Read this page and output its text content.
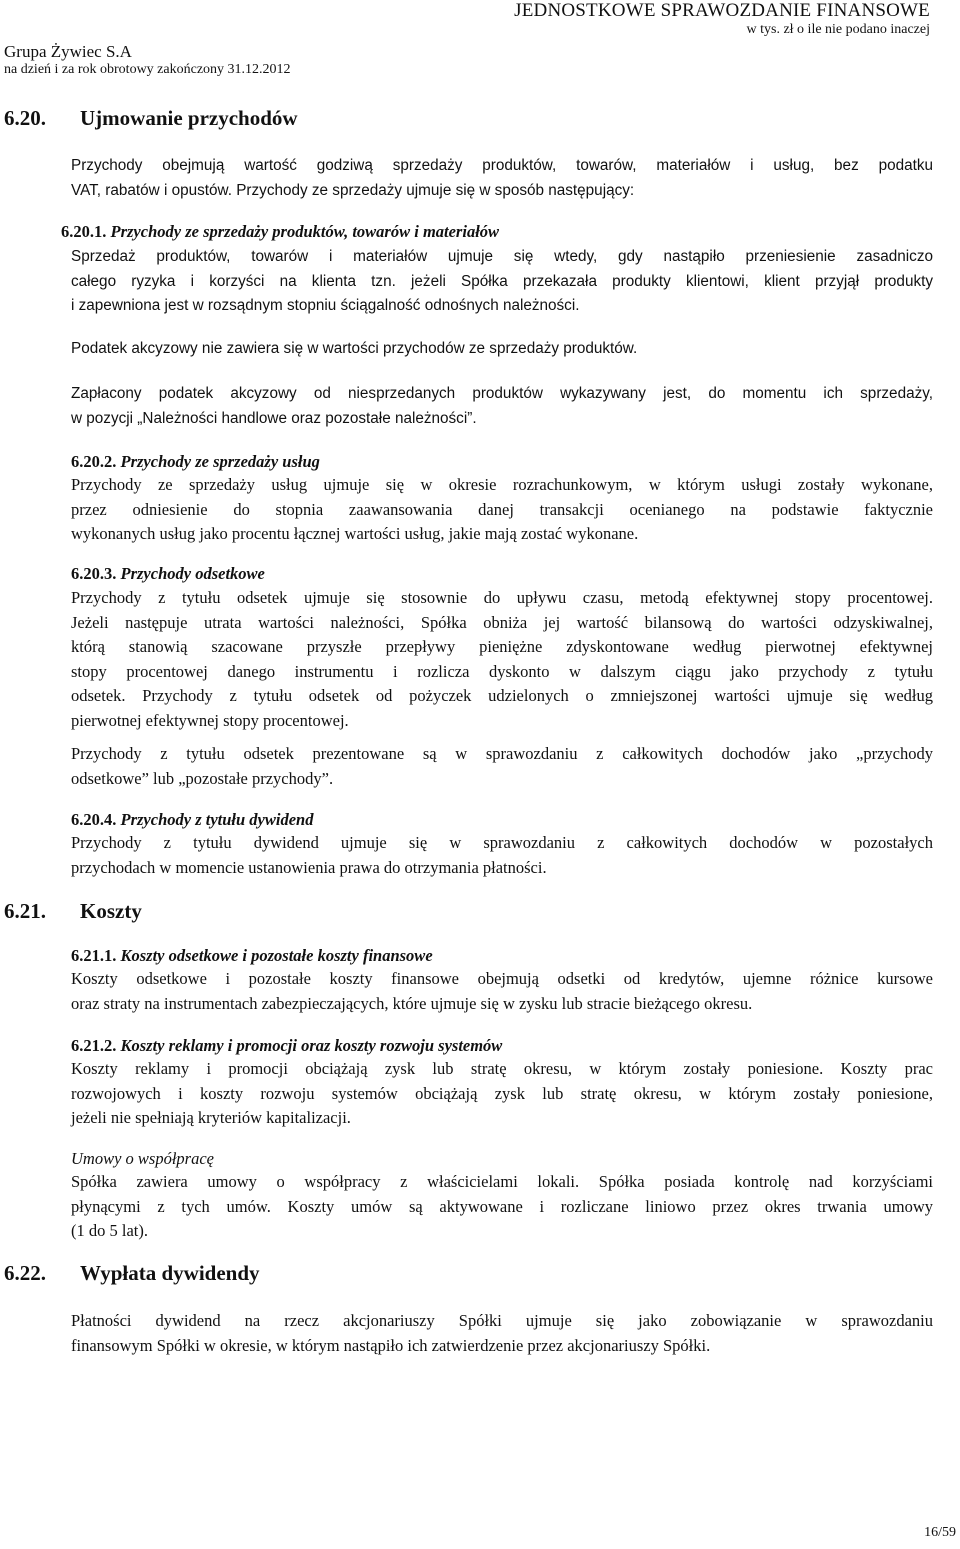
JEDNOSTKOWE SPRAWOZDANIE FINANSOWE
w tys. zł o ile nie podano inaczej
Grupa Żywiec S.A
na dzień i za rok obrotowy zakończony 31.12.2012
6.20. Ujmowanie przychodów
Przychody obejmują wartość godziwą sprzedaży produktów, towarów, materiałów i usług, bez podatku
VAT, rabatów i opustów. Przychody ze sprzedaży ujmuje się w sposób następujący:
6.20.1. Przychody ze sprzedaży produktów, towarów i materiałów
Sprzedaż produktów, towarów i materiałów ujmuje się wtedy, gdy nastąpiło przeniesienie zasadniczo
całego ryzyka i korzyści na klienta tzn. jeżeli Spółka przekazała produkty klientowi, klient przyjął produkty
i zapewniona jest w rozsądnym stopniu ściągalność odnośnych należności.
Podatek akcyzowy nie zawiera się w wartości przychodów ze sprzedaży produktów.
Zapłacony podatek akcyzowy od niesprzedanych produktów wykazywany jest, do momentu ich sprzedaży,
w pozycji „Należności handlowe oraz pozostałe należności”.
6.20.2. Przychody ze sprzedaży usług
Przychody ze sprzedaży usług ujmuje się w okresie rozrachunkowym, w którym usługi zostały wykonane,
przez odniesienie do stopnia zaawansowania danej transakcji ocenianego na podstawie faktycznie
wykonanych usług jako procentu łącznej wartości usług, jakie mają zostać wykonane.
6.20.3. Przychody odsetkowe
Przychody z tytułu odsetek ujmuje się stosownie do upływu czasu, metodą efektywnej stopy procentowej.
Jeżeli następuje utrata wartości należności, Spółka obniża jej wartość bilansową do wartości odzyskiwalnej,
którą stanowią szacowane przyszłe przepływy pieniężne zdyskontowane według pierwotnej efektywnej
stopy procentowej danego instrumentu i rozlicza dyskonto w dalszym ciągu jako przychody z tytułu
odsetek. Przychody z tytułu odsetek od pożyczek udzielonych o zmniejszonej wartości ujmuje się według
pierwotnej efektywnej stopy procentowej.
Przychody z tytułu odsetek prezentowane są w sprawozdaniu z całkowitych dochodów jako „przychody
odsetkowe” lub „pozostałe przychody”.
6.20.4. Przychody z tytułu dywidend
Przychody z tytułu dywidend ujmuje się w sprawozdaniu z całkowitych dochodów w pozostałych
przychodach w momencie ustanowienia prawa do otrzymania płatności.
6.21. Koszty
6.21.1. Koszty odsetkowe i pozostałe koszty finansowe
Koszty odsetkowe i pozostałe koszty finansowe obejmują odsetki od kredytów, ujemne różnice kursowe
oraz straty na instrumentach zabezpieczających, które ujmuje się w zysku lub stracie bieżącego okresu.
6.21.2. Koszty reklamy i promocji oraz koszty rozwoju systemów
Koszty reklamy i promocji obciążają zysk lub stratę okresu, w którym zostały poniesione. Koszty prac
rozwojowych i koszty rozwoju systemów obciążają zysk lub stratę okresu, w którym zostały poniesione,
jeżeli nie spełniają kryteriów kapitalizacji.
Umowy o współpracę
Spółka zawiera umowy o współpracy z właścicielami lokali. Spółka posiada kontrolę nad korzyściami
płynącymi z tych umów. Koszty umów są aktywowane i rozliczane liniowo przez okres trwania umowy
(1 do 5 lat).
6.22. Wypłata dywidendy
Płatności dywidend na rzecz akcjonariuszy Spółki ujmuje się jako zobowiązanie w sprawozdaniu
finansowym Spółki w okresie, w którym nastąpiło ich zatwierdzenie przez akcjonariuszy Spółki.
16/59
